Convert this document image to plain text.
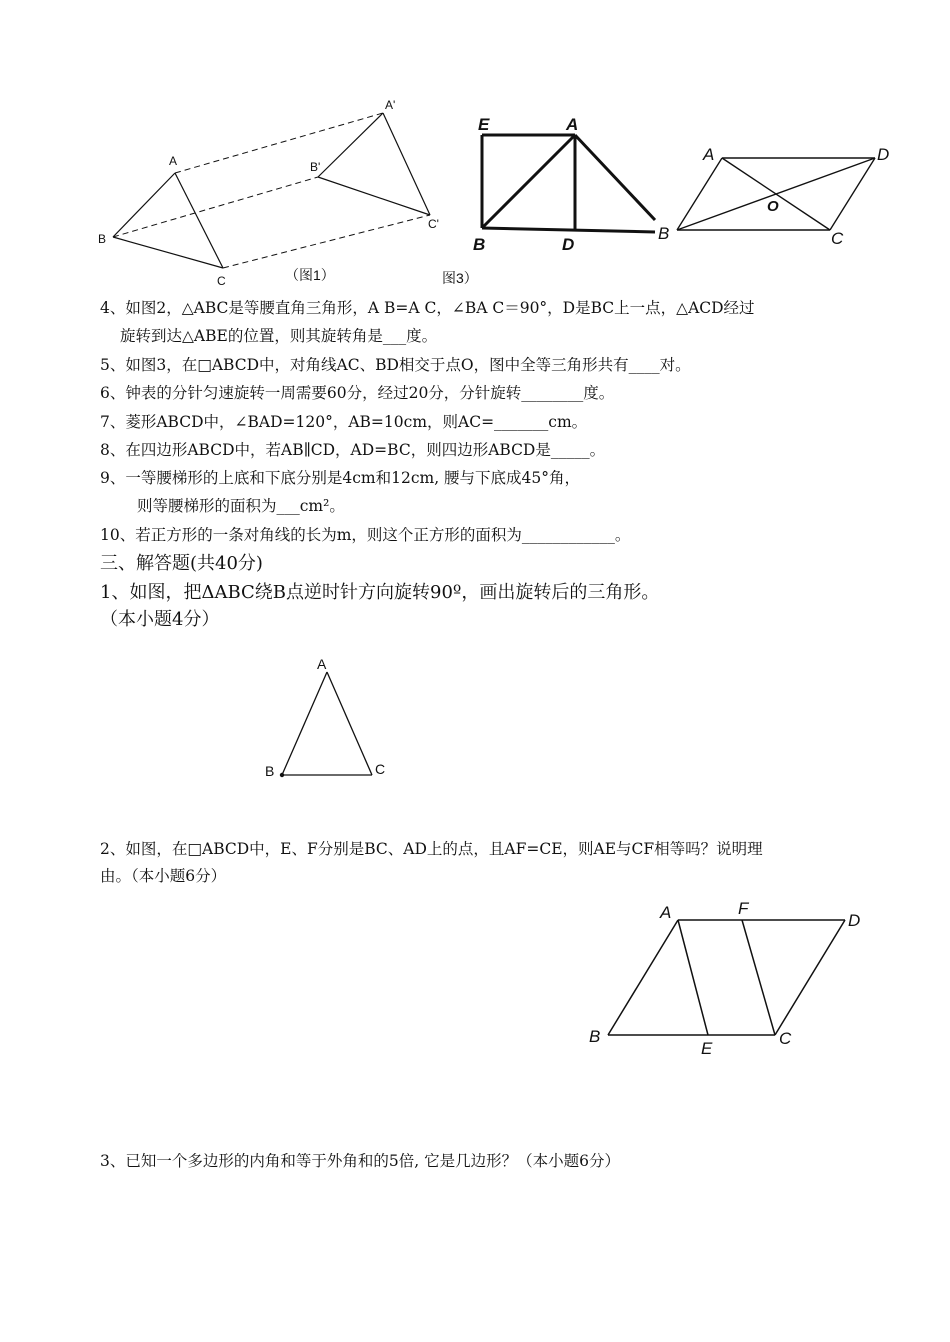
A
B
C
A'
B'
C'
（图1）
E	A
B	D
图3）
A	D
O
B	C
4、如图2，△ABC是等腰直角三角形，A B=A C，∠BA C＝90°，D是BC上一点，△ACD经过
旋转到达△ABE的位置，则其旋转角是___度。
5、如图3，在□ABCD中，对角线AC、BD相交于点O，图中全等三角形共有____对。
6、钟表的分针匀速旋转一周需要60分，经过20分，分针旋转________度。
7、菱形ABCD中，∠BAD=120°，AB=10cm，则AC=_______cm。
8、在四边形ABCD中，若AB∥CD，AD=BC，则四边形ABCD是_____。
9、一等腰梯形的上底和下底分别是4cm和12cm, 腰与下底成45°角，
则等腰梯形的面积为___cm²。
10、若正方形的一条对角线的长为m，则这个正方形的面积为____________。
三、解答题(共40分)
1、如图，把ΔABC绕B点逆时针方向旋转90º，画出旋转后的三角形。
（本小题4分）
A
B	C
2、如图，在□ABCD中，E、F分别是BC、AD上的点，且AF=CE，则AE与CF相等吗？说明理
由。（本小题6分）
A	F
D
B
E
C
3、已知一个多边形的内角和等于外角和的5倍, 它是几边形？（本小题6分）
